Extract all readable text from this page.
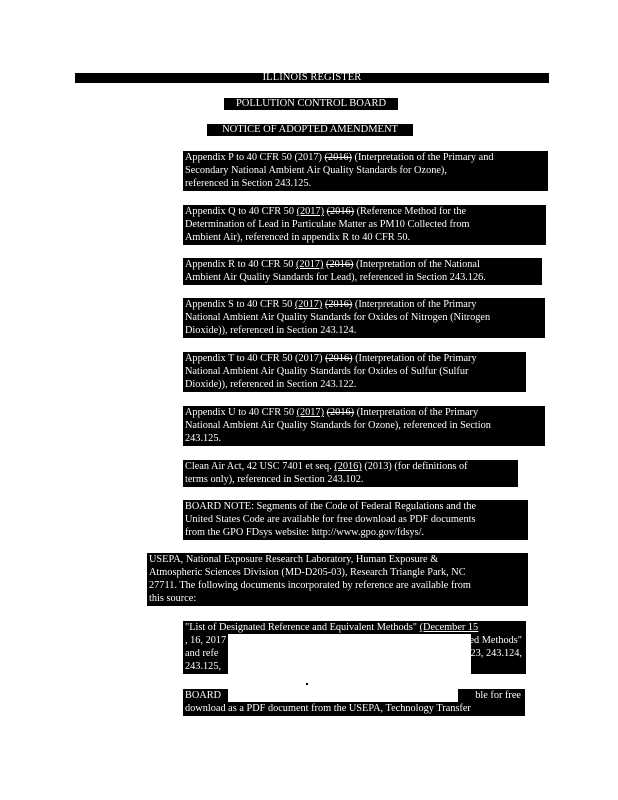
ILLINOIS REGISTER
POLLUTION CONTROL BOARD
NOTICE OF ADOPTED AMENDMENT
Appendix P to 40 CFR 50 (2017) (2016) (Interpretation of the Primary and
Secondary National Ambient Air Quality Standards for Ozone),
referenced in Section 243.125.
Appendix Q to 40 CFR 50 (2017) (2016) (Reference Method for the
Determination of Lead in Particulate Matter as PM10 Collected from
Ambient Air), referenced in appendix R to 40 CFR 50.
Appendix R to 40 CFR 50 (2017) (2016) (Interpretation of the National
Ambient Air Quality Standards for Lead), referenced in Section 243.126.
Appendix S to 40 CFR 50 (2017) (2016) (Interpretation of the Primary
National Ambient Air Quality Standards for Oxides of Nitrogen (Nitrogen
Dioxide)), referenced in Section 243.124.
Appendix T to 40 CFR 50 (2017) (2016) (Interpretation of the Primary
National Ambient Air Quality Standards for Oxides of Sulfur (Sulfur
Dioxide)), referenced in Section 243.122.
Appendix U to 40 CFR 50 (2017) (2016) (Interpretation of the Primary
National Ambient Air Quality Standards for Ozone), referenced in Section
243.125.
Clean Air Act, 42 USC 7401 et seq. (2016) (2013) (for definitions of
terms only), referenced in Section 243.102.
BOARD NOTE: Segments of the Code of Federal Regulations and the
United States Code are available for free download as PDF documents
from the GPO FDsys website: http://www.gpo.gov/fdsys/.
USEPA, National Exposure Research Laboratory, Human Exposure &
Atmospheric Sciences Division (MD-D205-03), Research Triangle Park, NC
27711. The following documents incorporated by reference are available from
this source:
"List of Designated Reference and Equivalent Methods" (December 15
, 16, 2017
and refe
243.125,
nated Methods"
123, 243.124,
BOARD	ble for free
download as a PDF document from the USEPA, Technology Transfer
